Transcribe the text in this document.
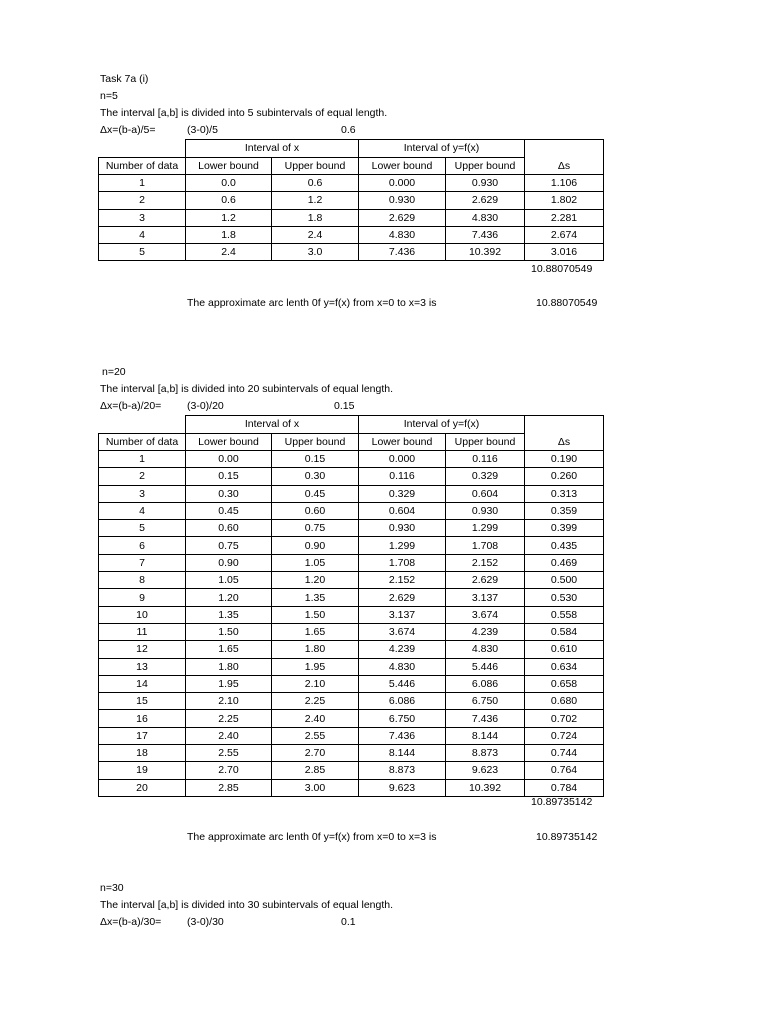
Task 7a (i)
n=5
The interval [a,b] is divided into 5 subintervals of equal length.
Δx=(b-a)/5=	(3-0)/5	0.6
	Interval of x		Interval of y=f(x)		
Number of data	Lower bound	Upper bound	Lower bound	Upper bound	Δs
1	0.0	0.6	0.000	0.930	1.106
2	0.6	1.2	0.930	2.629	1.802
3	1.2	1.8	2.629	4.830	2.281
4	1.8	2.4	4.830	7.436	2.674
5	2.4	3.0	7.436	10.392	3.016
10.88070549
The approximate arc lenth 0f y=f(x) from x=0 to x=3 is	10.88070549
n=20
The interval [a,b] is divided into 20 subintervals of equal length.
Δx=(b-a)/20= (3-0)/20	0.15
	Interval of x		Interval of y=f(x)		
Number of data	Lower bound	Upper bound	Lower bound	Upper bound	Δs
1	0.00	0.15	0.000	0.116	0.190
2	0.15	0.30	0.116	0.329	0.260
3	0.30	0.45	0.329	0.604	0.313
4	0.45	0.60	0.604	0.930	0.359
5	0.60	0.75	0.930	1.299	0.399
6	0.75	0.90	1.299	1.708	0.435
7	0.90	1.05	1.708	2.152	0.469
8	1.05	1.20	2.152	2.629	0.500
9	1.20	1.35	2.629	3.137	0.530
10	1.35	1.50	3.137	3.674	0.558
11	1.50	1.65	3.674	4.239	0.584
12	1.65	1.80	4.239	4.830	0.610
13	1.80	1.95	4.830	5.446	0.634
14	1.95	2.10	5.446	6.086	0.658
15	2.10	2.25	6.086	6.750	0.680
16	2.25	2.40	6.750	7.436	0.702
17	2.40	2.55	7.436	8.144	0.724
18	2.55	2.70	8.144	8.873	0.744
19	2.70	2.85	8.873	9.623	0.764
20	2.85	3.00	9.623	10.392	0.784
10.89735142
The approximate arc lenth 0f y=f(x) from x=0 to x=3 is	10.89735142
n=30
The interval [a,b] is divided into 30 subintervals of equal length.
Δx=(b-a)/30= (3-0)/30	0.1
